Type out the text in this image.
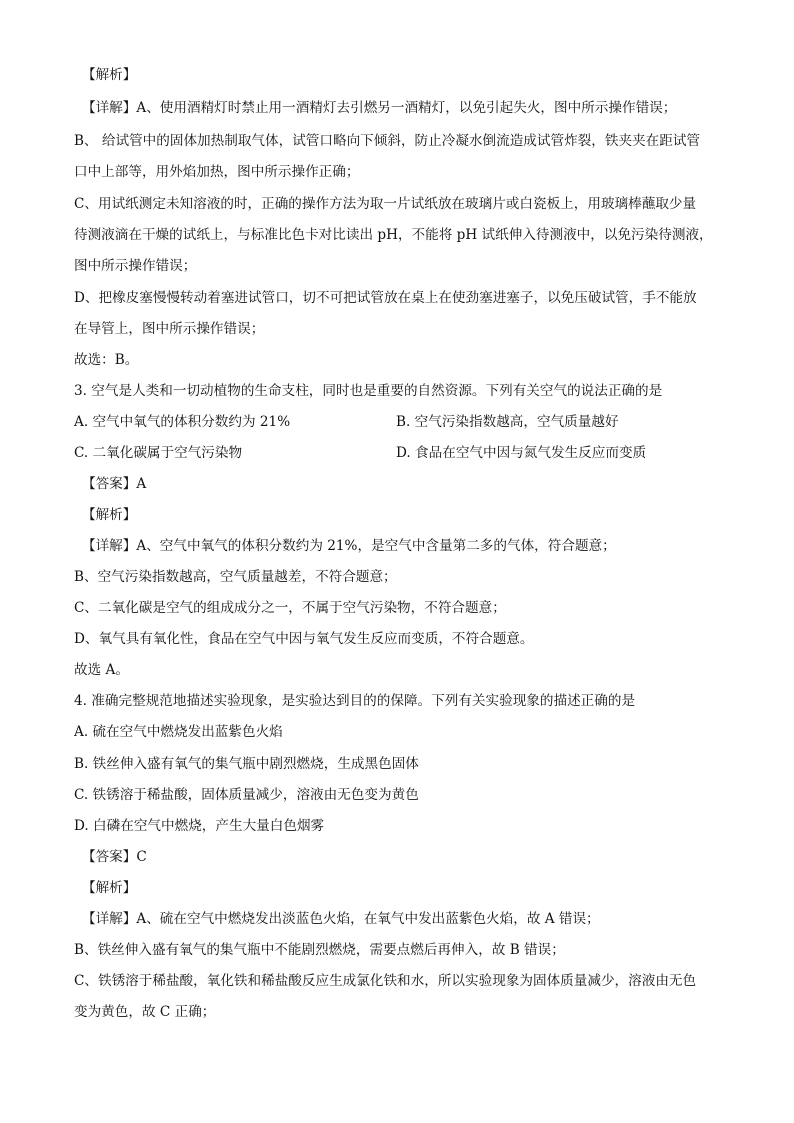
【解析】
【详解】A、使用酒精灯时禁止用一酒精灯去引燃另一酒精灯，以免引起失火，图中所示操作错误；
B、 给试管中的固体加热制取气体，试管口略向下倾斜，防止冷凝水倒流造成试管炸裂，铁夹夹在距试管
口中上部等，用外焰加热，图中所示操作正确；
C、用试纸测定未知溶液的时，正确的操作方法为取一片试纸放在玻璃片或白瓷板上，用玻璃棒蘸取少量
待测液滴在干燥的试纸上，与标准比色卡对比读出 pH，不能将 pH 试纸伸入待测液中，以免污染待测液，
图中所示操作错误；
D、把橡皮塞慢慢转动着塞进试管口，切不可把试管放在桌上在使劲塞进塞子，以免压破试管，手不能放
在导管上，图中所示操作错误；
故选：B。
3. 空气是人类和一切动植物的生命支柱，同时也是重要的自然资源。下列有关空气的说法正确的是
A. 空气中氧气的体积分数约为 21%	B. 空气污染指数越高，空气质量越好
C. 二氧化碳属于空气污染物	D. 食品在空气中因与氮气发生反应而变质
【答案】A
【解析】
【详解】A、空气中氧气的体积分数约为 21%，是空气中含量第二多的气体，符合题意；
B、空气污染指数越高，空气质量越差，不符合题意；
C、二氧化碳是空气的组成成分之一，不属于空气污染物，不符合题意；
D、氧气具有氧化性，食品在空气中因与氧气发生反应而变质，不符合题意。
故选 A。
4. 准确完整规范地描述实验现象，是实验达到目的的保障。下列有关实验现象的描述正确的是
A. 硫在空气中燃烧发出蓝紫色火焰
B. 铁丝伸入盛有氧气的集气瓶中剧烈燃烧，生成黑色固体
C. 铁锈溶于稀盐酸，固体质量减少，溶液由无色变为黄色
D. 白磷在空气中燃烧，产生大量白色烟雾
【答案】C
【解析】
【详解】A、硫在空气中燃烧发出淡蓝色火焰，在氧气中发出蓝紫色火焰，故 A 错误；
B、铁丝伸入盛有氧气的集气瓶中不能剧烈燃烧，需要点燃后再伸入，故 B 错误；
C、铁锈溶于稀盐酸，氧化铁和稀盐酸反应生成氯化铁和水，所以实验现象为固体质量减少，溶液由无色
变为黄色，故 C 正确；
